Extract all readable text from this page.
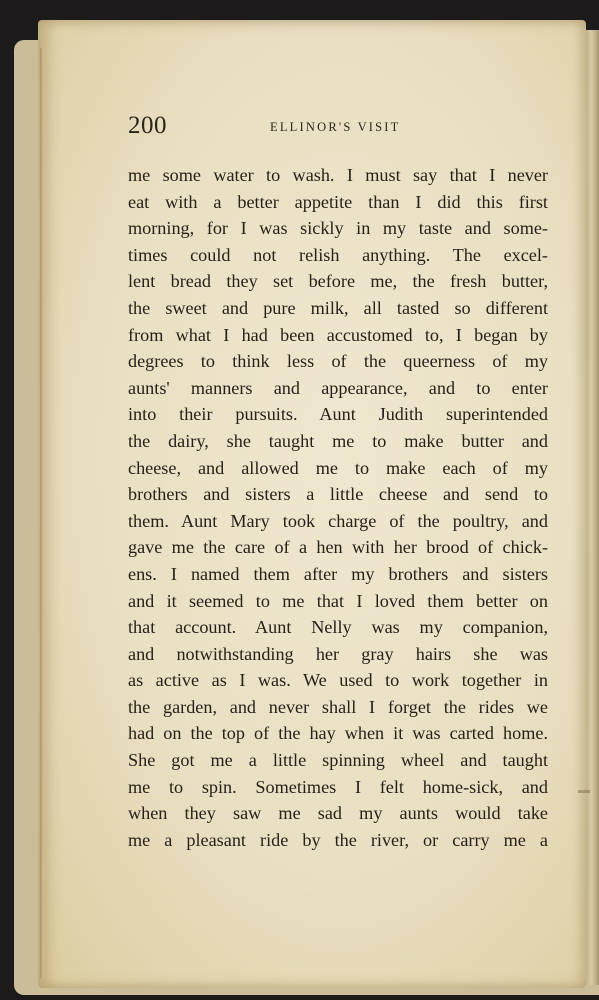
200	ELLINOR'S VISIT
me some water to wash. I must say that I never
eat with a better appetite than I did this first
morning, for I was sickly in my taste and some-
times could not relish anything. The excel-
lent bread they set before me, the fresh butter,
the sweet and pure milk, all tasted so different
from what I had been accustomed to, I began by
degrees to think less of the queerness of my
aunts' manners and appearance, and to enter
into their pursuits. Aunt Judith superintended
the dairy, she taught me to make butter and
cheese, and allowed me to make each of my
brothers and sisters a little cheese and send to
them. Aunt Mary took charge of the poultry, and
gave me the care of a hen with her brood of chick-
ens. I named them after my brothers and sisters
and it seemed to me that I loved them better on
that account. Aunt Nelly was my companion,
and notwithstanding her gray hairs she was
as active as I was. We used to work together in
the garden, and never shall I forget the rides we
had on the top of the hay when it was carted home.
She got me a little spinning wheel and taught
me to spin. Sometimes I felt home-sick, and
when they saw me sad my aunts would take
me a pleasant ride by the river, or carry me a
